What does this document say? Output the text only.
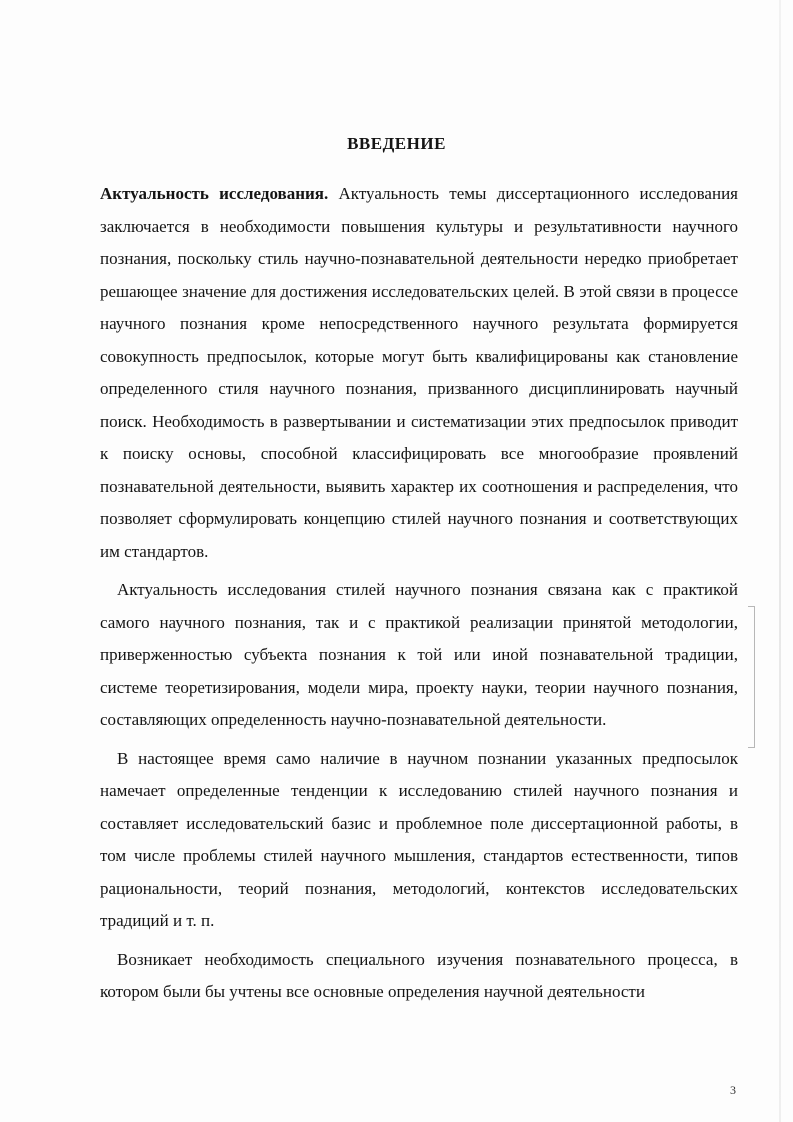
ВВЕДЕНИЕ

Актуальность исследования. Актуальность темы диссертационного исследования заключается в необходимости повышения культуры и результативности научного познания, поскольку стиль научно-познавательной деятельности нередко приобретает решающее значение для достижения исследовательских целей. В этой связи в процессе научного познания кроме непосредственного научного результата формируется совокупность предпосылок, которые могут быть квалифицированы как становление определенного стиля научного познания, призванного дисциплинировать научный поиск. Необходимость в развертывании и систематизации этих предпосылок приводит к поиску основы, способной классифицировать все многообразие проявлений познавательной деятельности, выявить характер их соотношения и распределения, что позволяет сформулировать концепцию стилей научного познания и соответствующих им стандартов.

Актуальность исследования стилей научного познания связана как с практикой самого научного познания, так и с практикой реализации принятой методологии, приверженностью субъекта познания к той или иной познавательной традиции, системе теоретизирования, модели мира, проекту науки, теории научного познания, составляющих определенность научно-познавательной деятельности.

В настоящее время само наличие в научном познании указанных предпосылок намечает определенные тенденции к исследованию стилей научного познания и составляет исследовательский базис и проблемное поле диссертационной работы, в том числе проблемы стилей научного мышления, стандартов естественности, типов рациональности, теорий познания, методологий, контекстов исследовательских традиций и т. п.

Возникает необходимость специального изучения познавательного процесса, в котором были бы учтены все основные определения научной деятельности

3
